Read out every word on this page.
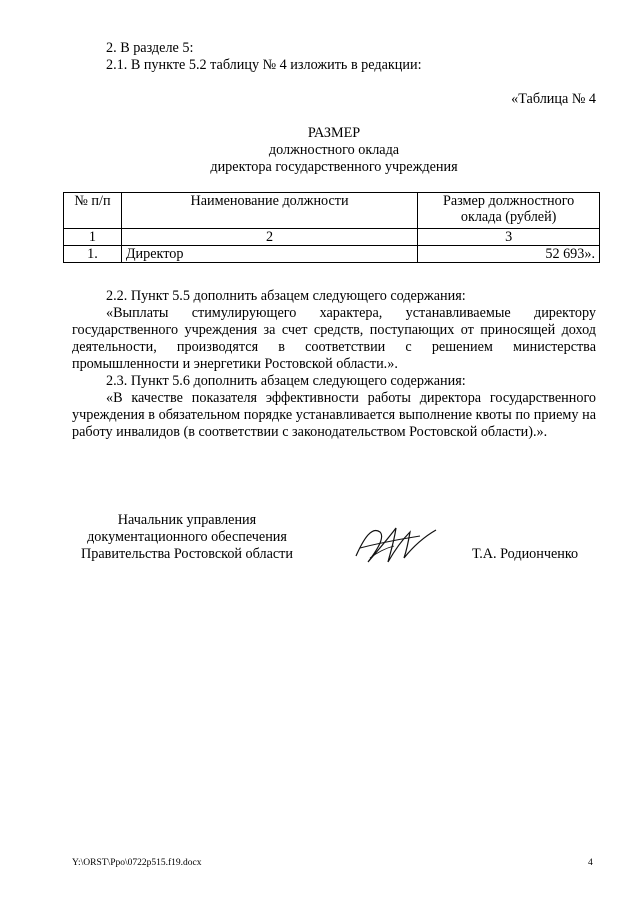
2. В разделе 5:
2.1. В пункте 5.2 таблицу № 4 изложить в редакции:
«Таблица № 4
РАЗМЕР
должностного оклада
директора государственного учреждения
№ п/п	Наименование должности	Размер должностного оклада (рублей)
1	2	3
1.	Директор	52 693».
2.2. Пункт 5.5 дополнить абзацем следующего содержания:

«Выплаты стимулирующего характера, устанавливаемые директору государственного учреждения за счет средств, поступающих от приносящей доход деятельности, производятся в соответствии с решением министерства промышленности и энергетики Ростовской области.».

2.3. Пункт 5.6 дополнить абзацем следующего содержания:

«В качестве показателя эффективности работы директора государственного учреждения в обязательном порядке устанавливается выполнение квоты по приему на работу инвалидов (в соответствии с законодательством Ростовской области).».

Начальник управления
документационного обеспечения
Правительства Ростовской области	Т.А. Родионченко
Y:\ORST\Ppo\0722p515.f19.docx	4
